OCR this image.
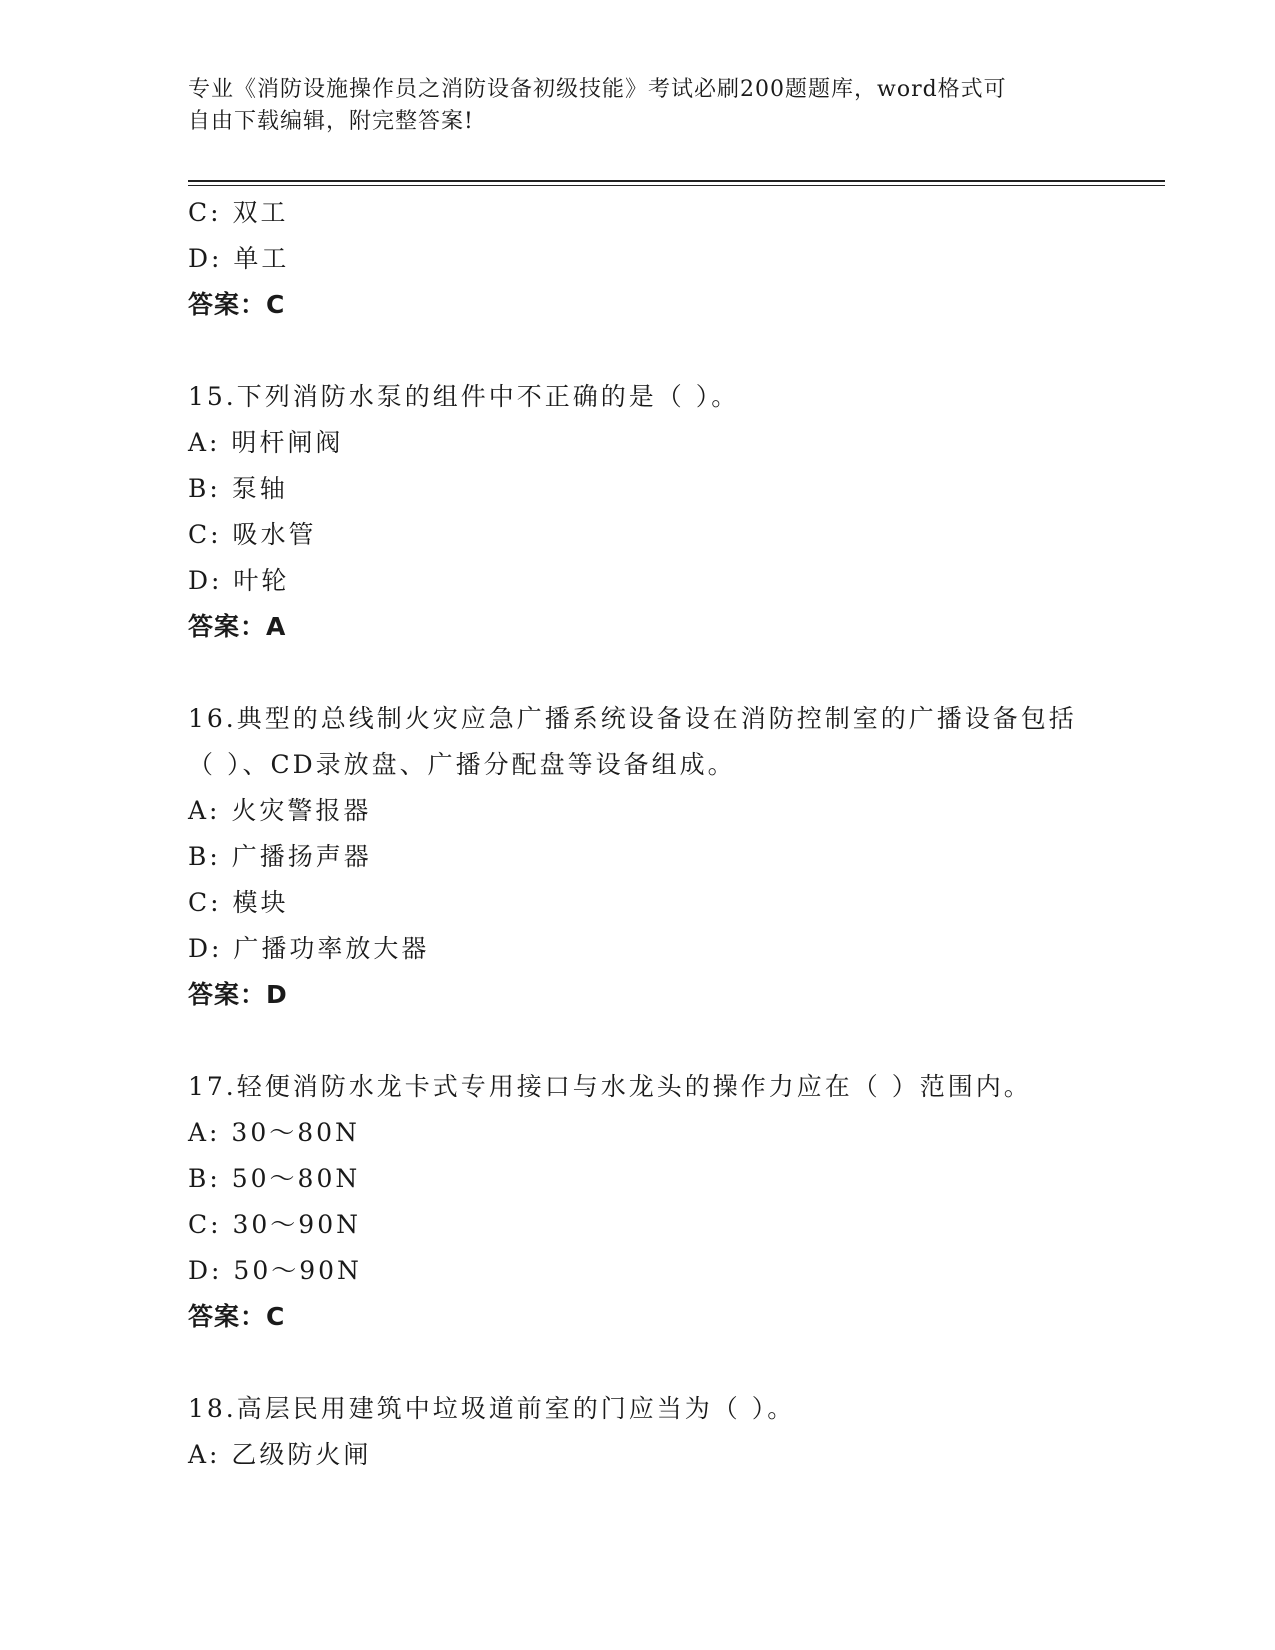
专业《消防设施操作员之消防设备初级技能》考试必刷200题题库，word格式可
自由下载编辑，附完整答案!
C: 双工
D: 单工
答案：C
15.下列消防水泵的组件中不正确的是（ ）。
A: 明杆闸阀
B: 泵轴
C: 吸水管
D: 叶轮
答案：A
16.典型的总线制火灾应急广播系统设备设在消防控制室的广播设备包括（ ）、CD录放盘、广播分配盘等设备组成。
A: 火灾警报器
B: 广播扬声器
C: 模块
D: 广播功率放大器
答案：D
17.轻便消防水龙卡式专用接口与水龙头的操作力应在（ ）范围内。
A: 30～80N
B: 50～80N
C: 30～90N
D: 50～90N
答案：C
18.高层民用建筑中垃圾道前室的门应当为（ ）。
A: 乙级防火闸
